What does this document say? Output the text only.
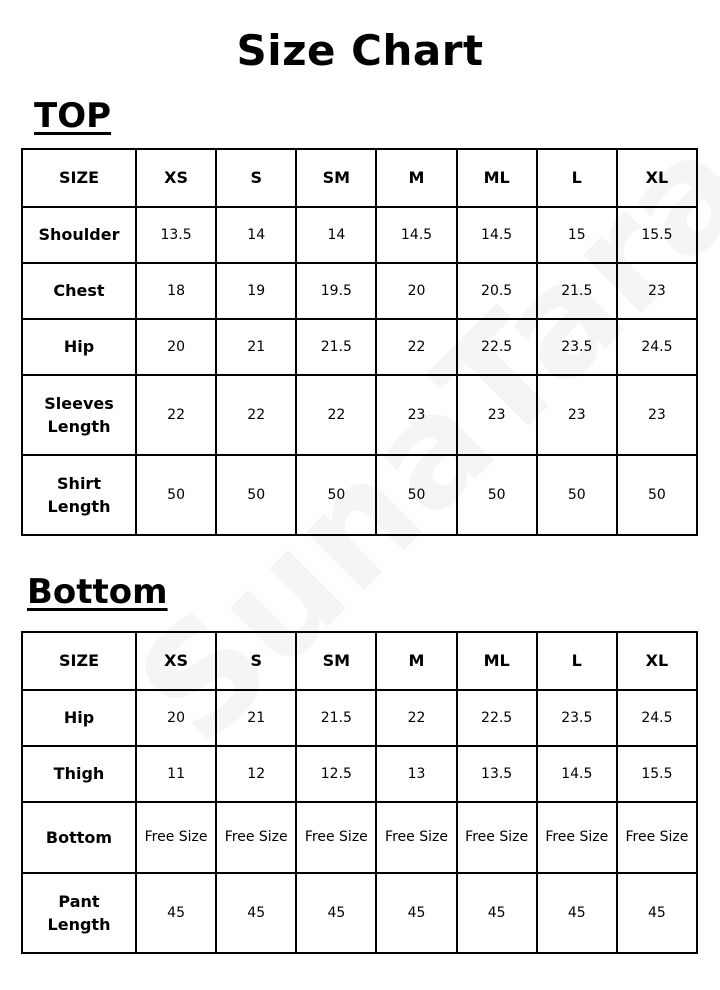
Size Chart
TOP
SIZE	XS	S	SM	M	ML	L	XL
Shoulder	13.5	14	14	14.5	14.5	15	15.5
Chest	18	19	19.5	20	20.5	21.5	23
Hip	20	21	21.5	22	22.5	23.5	24.5
Sleeves Length	22	22	22	23	23	23	23
Shirt Length	50	50	50	50	50	50	50
Bottom
SIZE	XS	S	SM	M	ML	L	XL
Hip	20	21	21.5	22	22.5	23.5	24.5
Thigh	11	12	12.5	13	13.5	14.5	15.5
Bottom	Free Size	Free Size	Free Size	Free Size	Free Size	Free Size	Free Size
Pant Length	45	45	45	45	45	45	45
